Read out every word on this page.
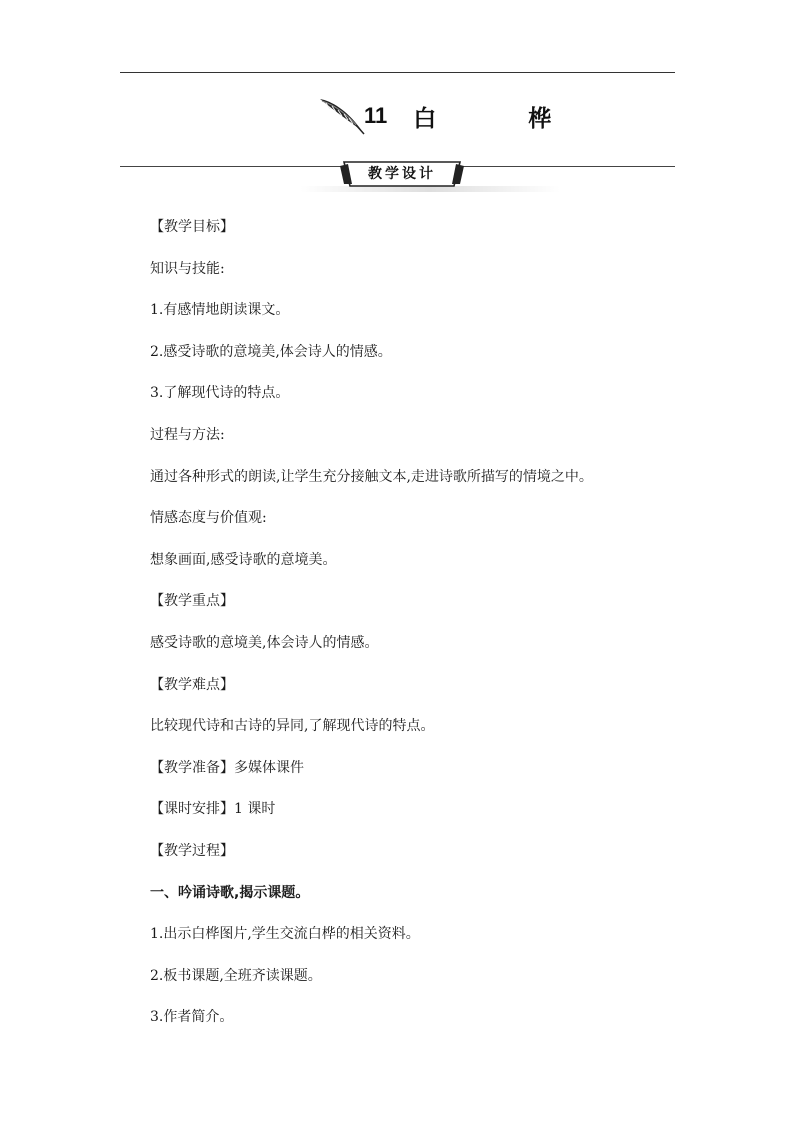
11 白 桦
教学设计
【教学目标】
知识与技能:
1.有感情地朗读课文。
2.感受诗歌的意境美,体会诗人的情感。
3.了解现代诗的特点。
过程与方法:
通过各种形式的朗读,让学生充分接触文本,走进诗歌所描写的情境之中。
情感态度与价值观:
想象画面,感受诗歌的意境美。
【教学重点】
感受诗歌的意境美,体会诗人的情感。
【教学难点】
比较现代诗和古诗的异同,了解现代诗的特点。
【教学准备】多媒体课件
【课时安排】1 课时
【教学过程】
一、吟诵诗歌,揭示课题。
1.出示白桦图片,学生交流白桦的相关资料。
2.板书课题,全班齐读课题。
3.作者简介。
